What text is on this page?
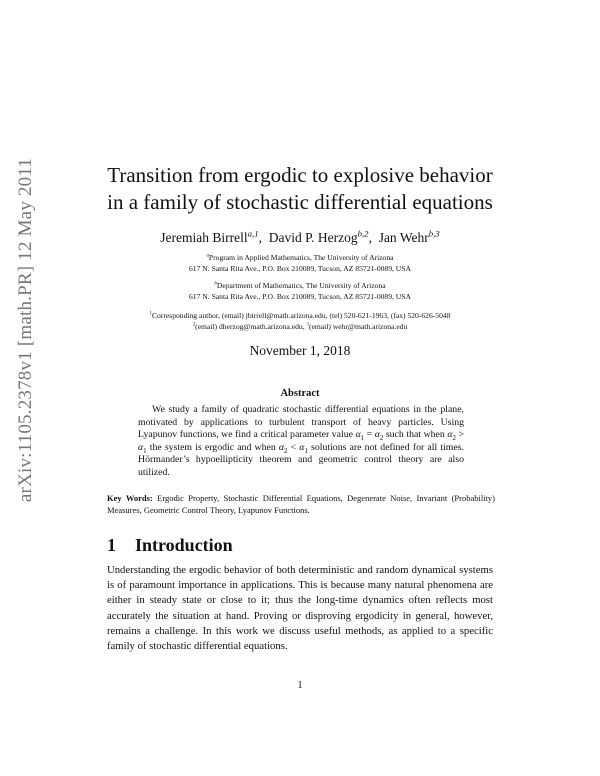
arXiv:1105.2378v1 [math.PR] 12 May 2011	Transition from ergodic to explosive behavior
in a family of stochastic differential equations
Jeremiah Birrell$^{a,1}$,  David P. Herzog$^{b,2}$,  Jan Wehr$^{b,3}$
$^a$Program in Applied Mathematics, The University of Arizona
617 N. Santa Rita Ave., P.O. Box 210089, Tucson, AZ 85721-0089, USA
$^b$Department of Mathematics, The University of Arizona
617 N. Santa Rita Ave., P.O. Box 210089, Tucson, AZ 85721-0089, USA
$^1$Corresponding author, (email) jbirrell@math.arizona.edu, (tel) 520-621-1963, (fax) 520-626-5048
$^2$(email) dherzog@math.arizona.edu, $^3$(email) wehr@math.arizona.edu
November 1, 2018
Abstract

We study a family of quadratic stochastic differential equations in the plane, motivated by applications to turbulent transport of heavy particles. Using Lyapunov functions, we find a critical parameter value $\alpha_1 = \alpha_2$ such that when $\alpha_2 > \alpha_1$ the system is ergodic and when $\alpha_2 < \alpha_1$ solutions are not defined for all times. Hörmander’s hypoellipticity theorem and geometric control theory are also utilized.

Key Words: Ergodic Property, Stochastic Differential Equations, Degenerate Noise, Invariant (Probability) Measures, Geometric Control Theory, Lyapunov Functions.
1 Introduction
Understanding the ergodic behavior of both deterministic and random dynamical systems is of paramount importance in applications. This is because many natural phenomena are either in steady state or close to it; thus the long-time dynamics often reflects most accurately the situation at hand. Proving or disproving ergodicity in general, however, remains a challenge. In this work we discuss useful methods, as applied to a specific family of stochastic differential equations.
1
